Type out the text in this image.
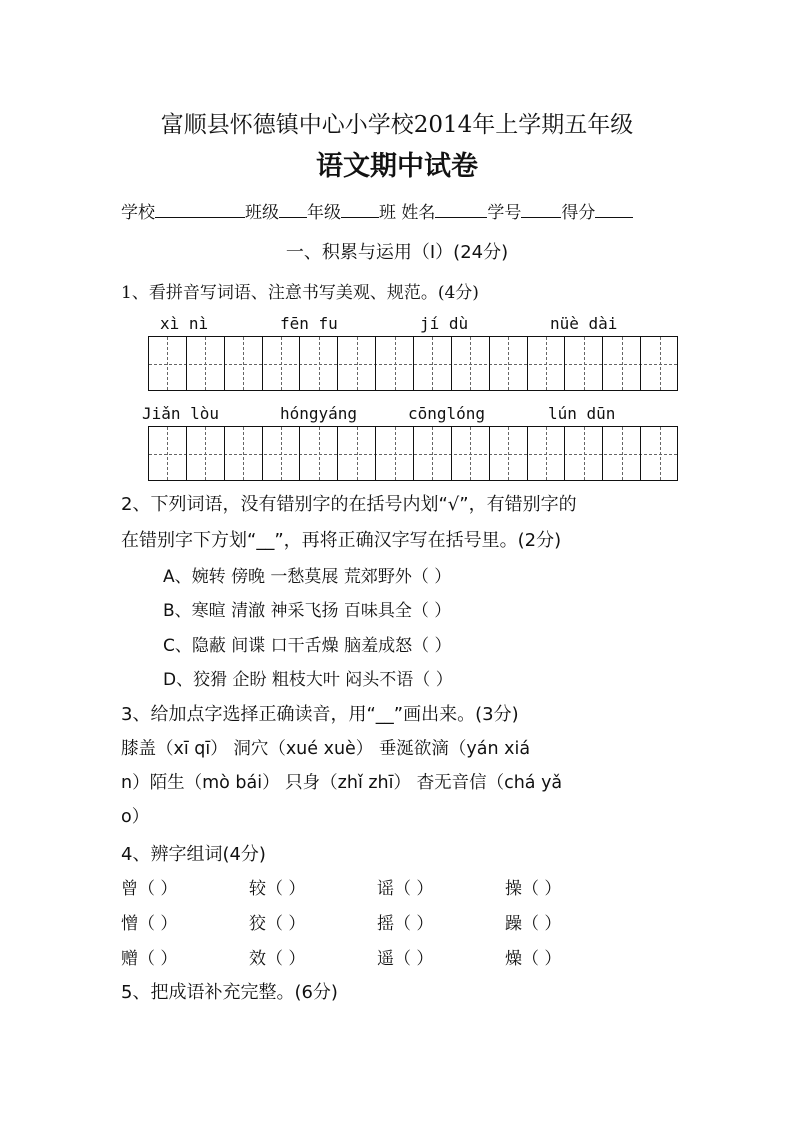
富顺县怀德镇中心小学校2014年上学期五年级
语文期中试卷
学校	班级 年级 班 姓名	学号 得分
一、积累与运用（Ⅰ）(24分)
1、看拼音写词语、注意书写美观、规范。(4分)
xì nì	fēn fu	jí dù	nüè dài
Jiǎn lòu	hóngyáng	cōnglóng	lún dūn
2、下列词语，没有错别字的在括号内划“√”，有错别字的
在错别字下方划“__”，再将正确汉字写在括号里。(2分)
A、婉转 傍晚 一愁莫展 荒郊野外（ ）
B、寒暄 清澈 神采飞扬 百味具全（ ）
C、隐蔽 间谍 口干舌燥 脑羞成怒（ ）
D、狡猾 企盼 粗枝大叶 闷头不语（ ）
3、给加点字选择正确读音，用“__”画出来。(3分)
膝盖（xī qī） 洞穴（xué xuè） 垂涎欲滴（yán xiá
n）陌生（mò bái） 只身（zhǐ zhī） 杳无音信（chá yǎ
o）
4、辨字组词(4分)
曾（ ）	较（ ）	谣（ ）	操（ ）
憎（ ）	狡（ ）	摇（ ）	躁（ ）
赠（ ）	效（ ）	遥（ ）	燥（ ）
5、把成语补充完整。(6分)
